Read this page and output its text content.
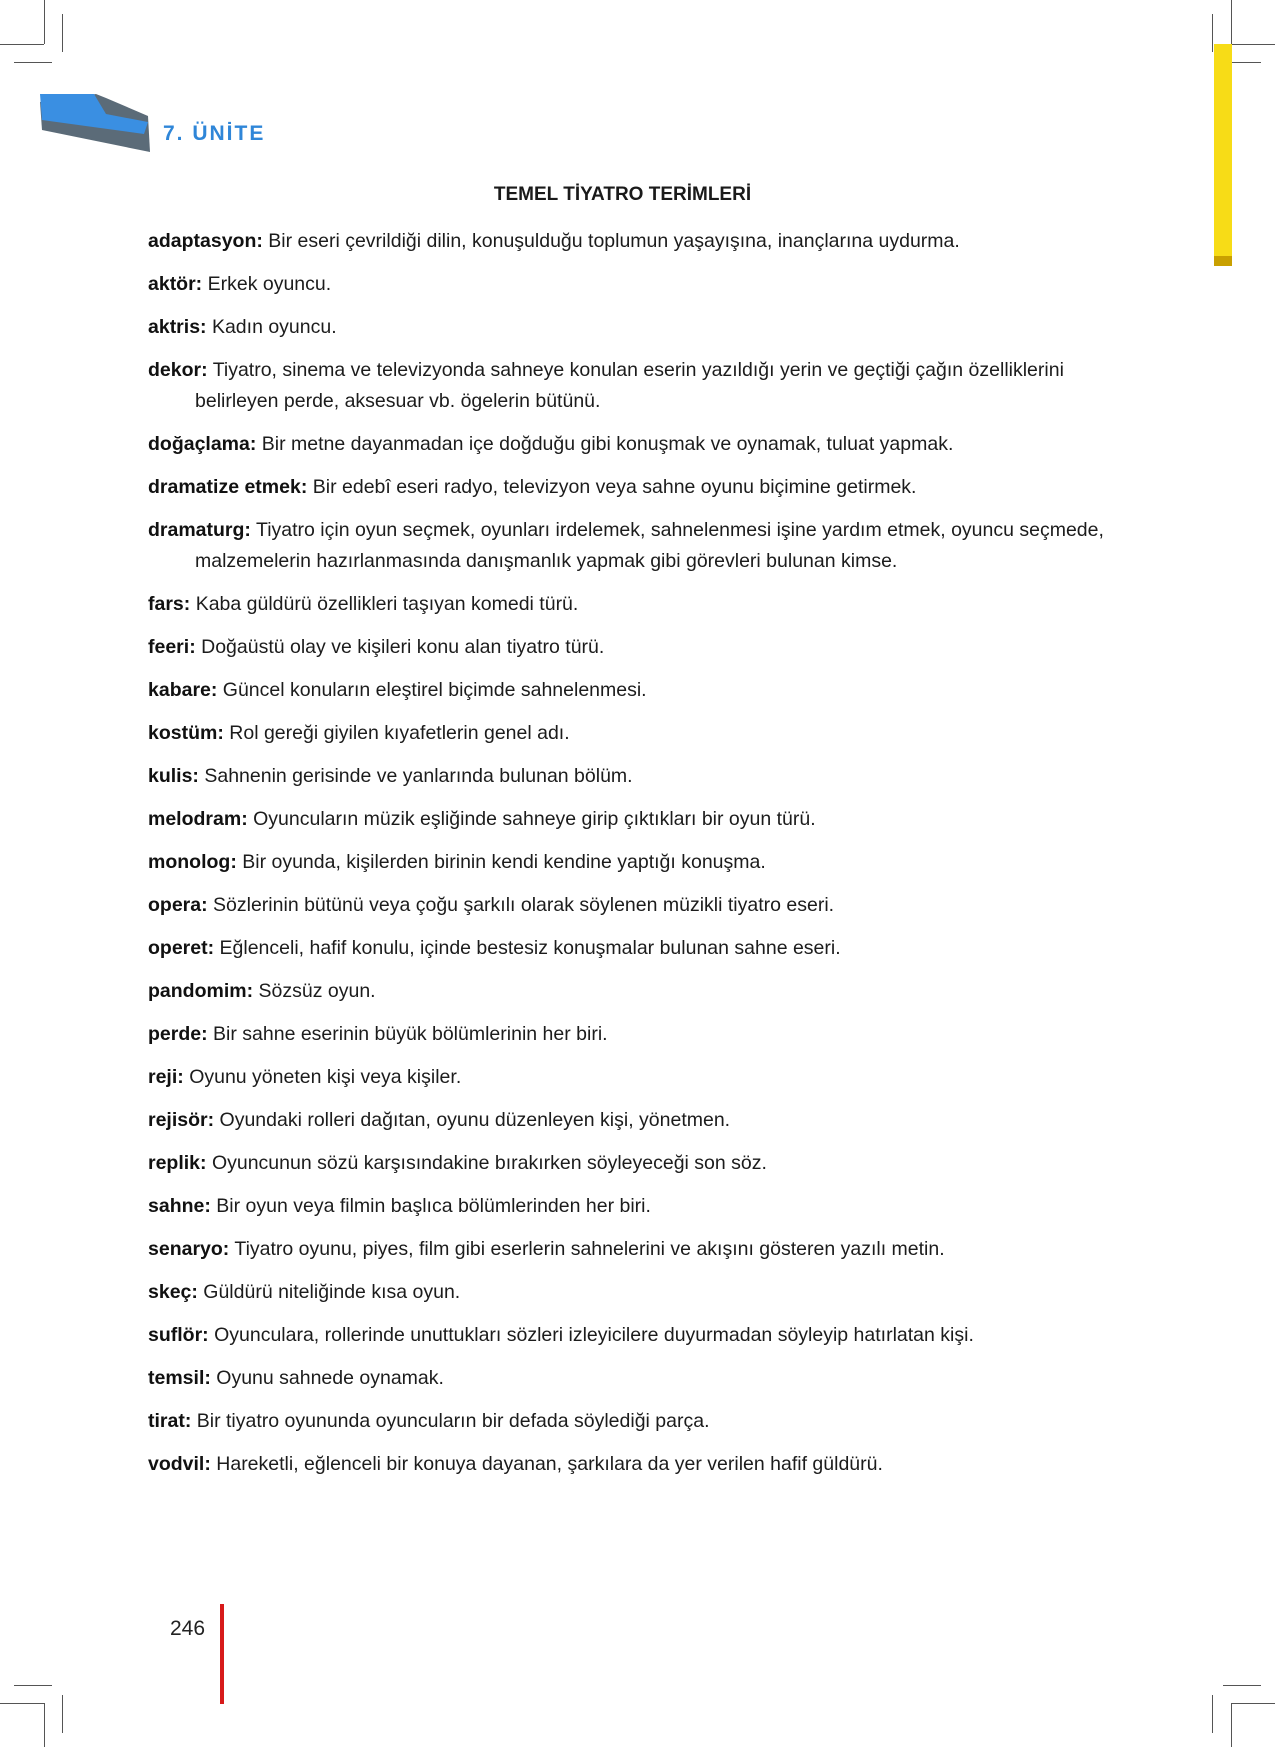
7. ÜNİTE
TEMEL TİYATRO TERİMLERİ

adaptasyon: Bir eseri çevrildiği dilin, konuşulduğu toplumun yaşayışına, inançlarına uydurma.

aktör: Erkek oyuncu.

aktris: Kadın oyuncu.

dekor: Tiyatro, sinema ve televizyonda sahneye konulan eserin yazıldığı yerin ve geçtiği çağın özelliklerini belirleyen perde, aksesuar vb. ögelerin bütünü.

doğaçlama: Bir metne dayanmadan içe doğduğu gibi konuşmak ve oynamak, tuluat yapmak.

dramatize etmek: Bir edebî eseri radyo, televizyon veya sahne oyunu biçimine getirmek.

dramaturg: Tiyatro için oyun seçmek, oyunları irdelemek, sahnelenmesi işine yardım etmek, oyuncu seçmede, malzemelerin hazırlanmasında danışmanlık yapmak gibi görevleri bulunan kimse.

fars: Kaba güldürü özellikleri taşıyan komedi türü.

feeri: Doğaüstü olay ve kişileri konu alan tiyatro türü.

kabare: Güncel konuların eleştirel biçimde sahnelenmesi.

kostüm: Rol gereği giyilen kıyafetlerin genel adı.

kulis: Sahnenin gerisinde ve yanlarında bulunan bölüm.

melodram: Oyuncuların müzik eşliğinde sahneye girip çıktıkları bir oyun türü.

monolog: Bir oyunda, kişilerden birinin kendi kendine yaptığı konuşma.

opera: Sözlerinin bütünü veya çoğu şarkılı olarak söylenen müzikli tiyatro eseri.

operet: Eğlenceli, hafif konulu, içinde bestesiz konuşmalar bulunan sahne eseri.

pandomim: Sözsüz oyun.

perde: Bir sahne eserinin büyük bölümlerinin her biri.

reji: Oyunu yöneten kişi veya kişiler.

rejisör: Oyundaki rolleri dağıtan, oyunu düzenleyen kişi, yönetmen.

replik: Oyuncunun sözü karşısındakine bırakırken söyleyeceği son söz.

sahne: Bir oyun veya filmin başlıca bölümlerinden her biri.

senaryo: Tiyatro oyunu, piyes, film gibi eserlerin sahnelerini ve akışını gösteren yazılı metin.

skeç: Güldürü niteliğinde kısa oyun.

suflör: Oyunculara, rollerinde unuttukları sözleri izleyicilere duyurmadan söyleyip hatırlatan kişi.

temsil: Oyunu sahnede oynamak.

tirat: Bir tiyatro oyununda oyuncuların bir defada söylediği parça.

vodvil: Hareketli, eğlenceli bir konuya dayanan, şarkılara da yer verilen hafif güldürü.

246
